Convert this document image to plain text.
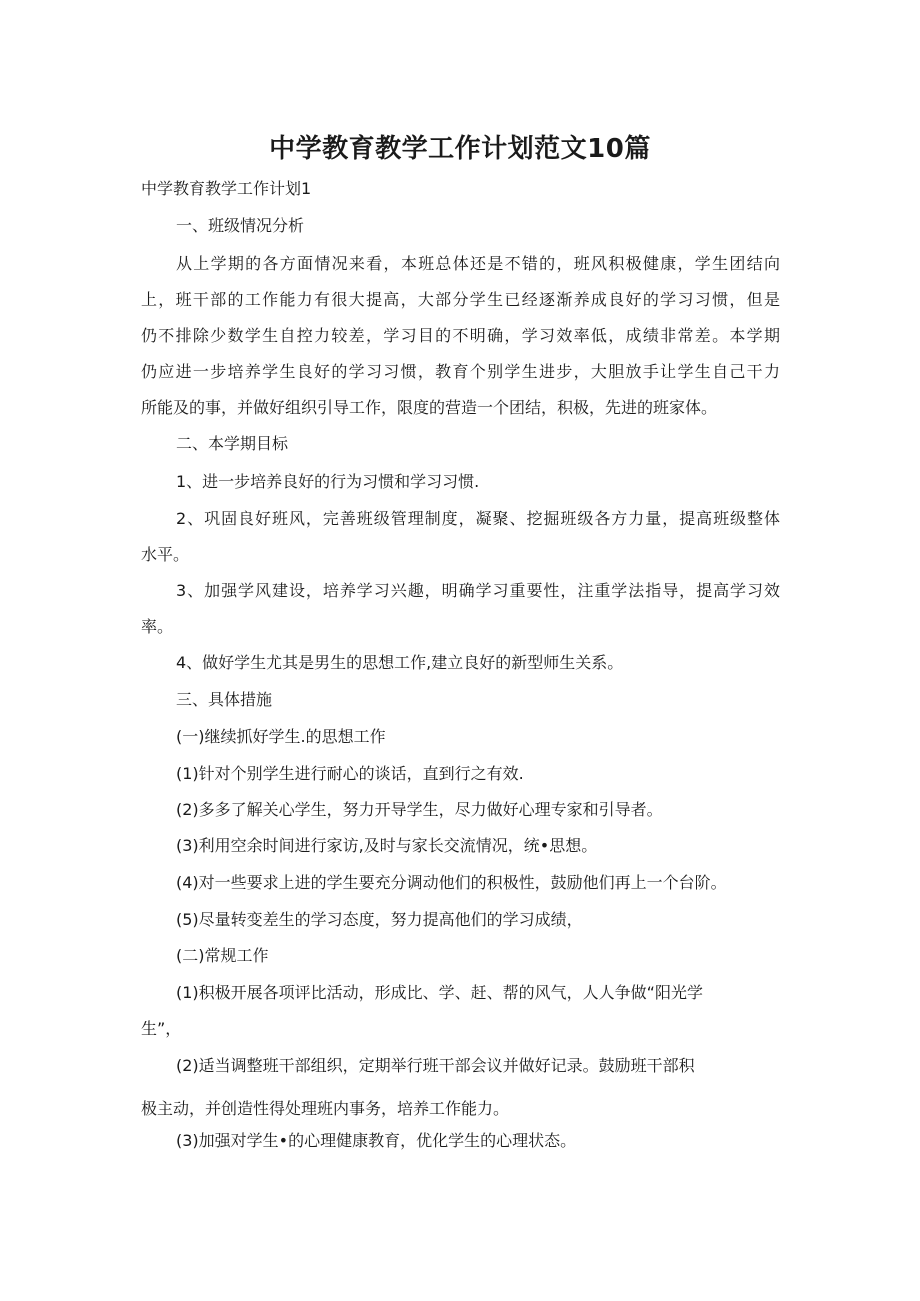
中学教育教学工作计划范文10篇

中学教育教学工作计划1

一、班级情况分析

从上学期的各方面情况来看，本班总体还是不错的，班风积极健康，学生团结向

上，班干部的工作能力有很大提高，大部分学生已经逐渐养成良好的学习习惯，但是

仍不排除少数学生自控力较差，学习目的不明确，学习效率低，成绩非常差。本学期

仍应进一步培养学生良好的学习习惯，教育个别学生进步，大胆放手让学生自己干力

所能及的事，并做好组织引导工作，限度的营造一个团结，积极，先进的班家体。

二、本学期目标

1、进一步培养良好的行为习惯和学习习惯.

2、巩固良好班风，完善班级管理制度，凝聚、挖掘班级各方力量，提高班级整体

水平。

3、加强学风建设，培养学习兴趣，明确学习重要性，注重学法指导，提高学习效

率。

4、做好学生尤其是男生的思想工作,建立良好的新型师生关系。

三、具体措施

(一)继续抓好学生.的思想工作

(1)针对个别学生进行耐心的谈话，直到行之有效.

(2)多多了解关心学生，努力开导学生，尽力做好心理专家和引导者。

(3)利用空余时间进行家访,及时与家长交流情况，统•思想。

(4)对一些要求上进的学生要充分调动他们的积极性，鼓励他们再上一个台阶。

(5)尽量转变差生的学习态度，努力提高他们的学习成绩，

(二)常规工作

(1)积极开展各项评比活动，形成比、学、赶、帮的风气，人人争做“阳光学

生”，

(2)适当调整班干部组织，定期举行班干部会议并做好记录。鼓励班干部积

极主动，并创造性得处理班内事务，培养工作能力。

(3)加强对学生•的心理健康教育，优化学生的心理状态。
